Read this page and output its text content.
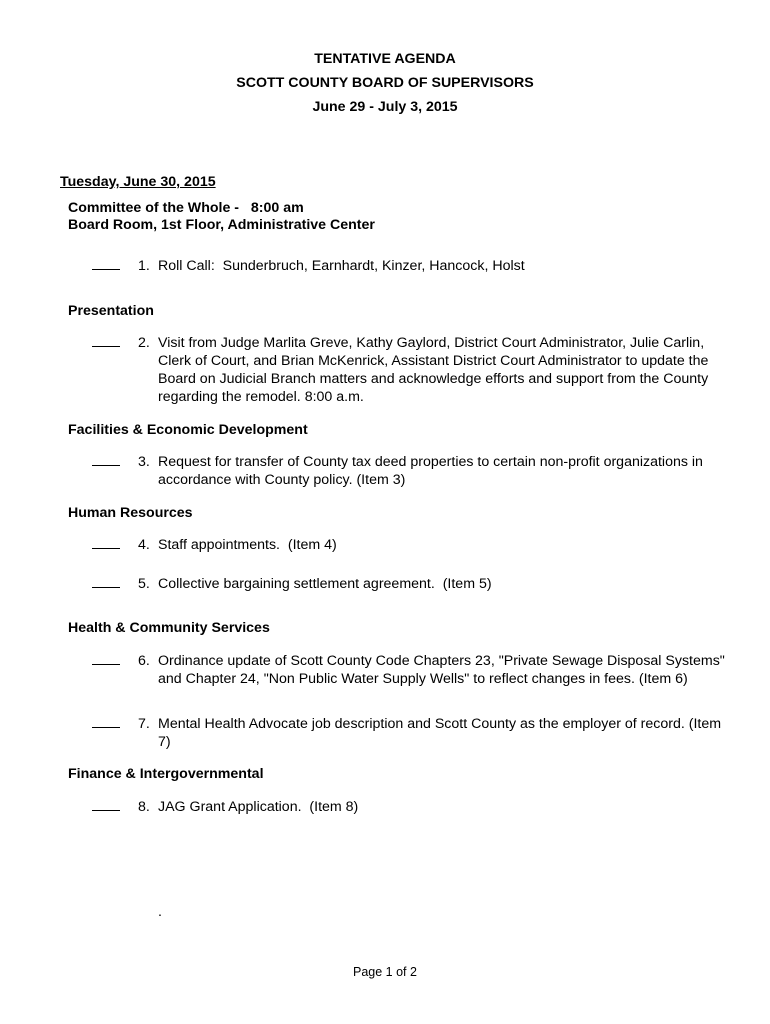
TENTATIVE AGENDA
SCOTT COUNTY BOARD OF SUPERVISORS
June 29 - July 3, 2015
Tuesday, June 30, 2015
Committee of the Whole -   8:00 am
Board Room, 1st Floor, Administrative Center
1. Roll Call:  Sunderbruch, Earnhardt, Kinzer, Hancock, Holst
Presentation
2. Visit from Judge Marlita Greve, Kathy Gaylord, District Court Administrator, Julie Carlin, Clerk of Court, and Brian McKenrick, Assistant District Court Administrator to update the Board on Judicial Branch matters and acknowledge efforts and support from the County regarding the remodel. 8:00 a.m.
Facilities & Economic Development
3. Request for transfer of County tax deed properties to certain non-profit organizations in accordance with County policy. (Item 3)
Human Resources
4. Staff appointments.  (Item 4)
5. Collective bargaining settlement agreement.  (Item 5)
Health & Community Services
6. Ordinance update of Scott County Code Chapters 23, "Private Sewage Disposal Systems" and Chapter 24, "Non Public Water Supply Wells" to reflect changes in fees. (Item 6)
7. Mental Health Advocate job description and Scott County as the employer of record. (Item 7)
Finance & Intergovernmental
8. JAG Grant Application.  (Item 8)
.
Page 1 of 2
